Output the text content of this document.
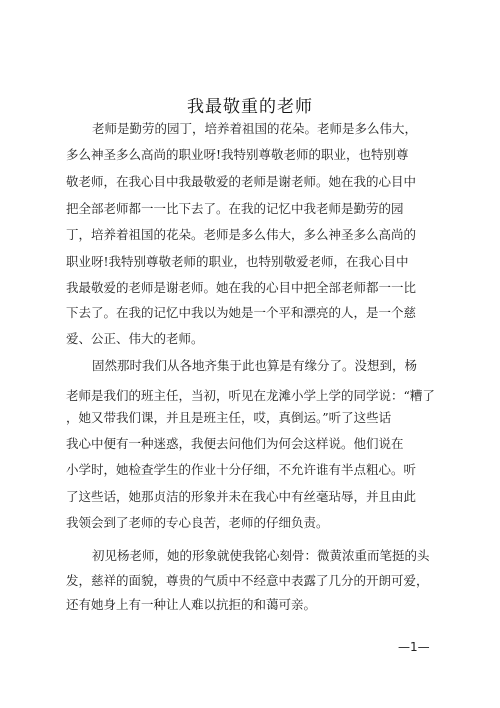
我最敬重的老师
老师是勤劳的园丁，培养着祖国的花朵。老师是多么伟大，
多么神圣多么高尚的职业呀!我特别尊敬老师的职业，也特别尊
敬老师，在我心目中我最敬爱的老师是谢老师。她在我的心目中
把全部老师都一一比下去了。在我的记忆中我老师是勤劳的园
丁，培养着祖国的花朵。老师是多么伟大，多么神圣多么高尚的
职业呀!我特别尊敬老师的职业，也特别敬爱老师，在我心目中
我最敬爱的老师是谢老师。她在我的心目中把全部老师都一一比
下去了。在我的记忆中我以为她是一个平和漂亮的人，是一个慈
爱、公正、伟大的老师。
固然那时我们从各地齐集于此也算是有缘分了。没想到，杨
老师是我们的班主任，当初，听见在龙滩小学上学的同学说：“糟了
，她又带我们课，并且是班主任，哎，真倒运。”听了这些话
我心中便有一种迷惑，我便去问他们为何会这样说。他们说在
小学时，她检查学生的作业十分仔细，不允许谁有半点粗心。听
了这些话，她那贞洁的形象并未在我心中有丝毫玷辱，并且由此
我领会到了老师的专心良苦，老师的仔细负责。
初见杨老师，她的形象就使我铭心刻骨：微黄浓重而笔挺的头
发，慈祥的面貌，尊贵的气质中不经意中表露了几分的开朗可爱，
还有她身上有一种让人难以抗拒的和蔼可亲。
—1—
